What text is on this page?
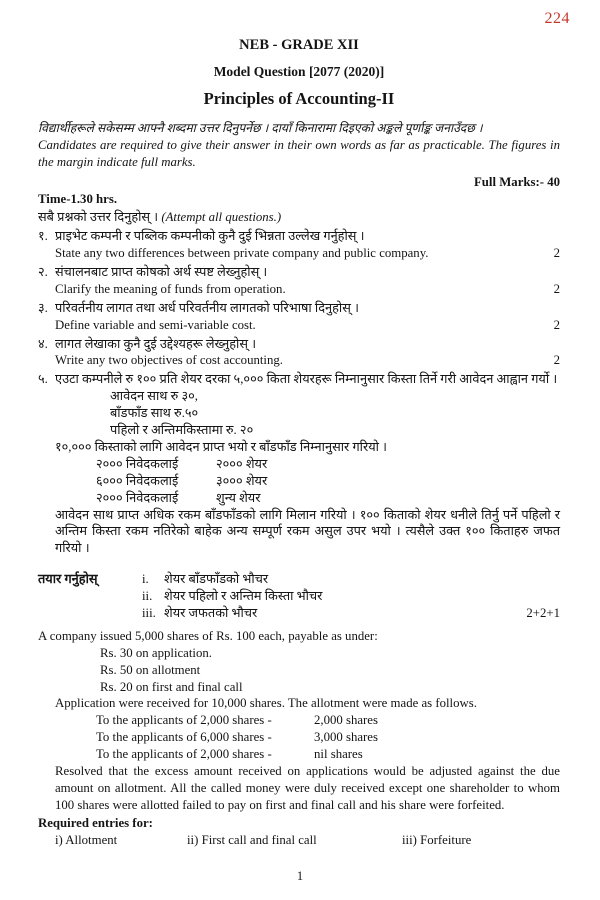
224
NEB - GRADE XII
Model Question [2077 (2020)]
Principles of Accounting-II
विद्यार्थीहरूले सकेसम्म आफ्नै शब्दमा उत्तर दिनुपर्नेछ । दायाँ किनारामा दिइएको अङ्कले पूर्णाङ्क जनाउँदछ ।
Candidates are required to give their answer in their own words as far as practicable. The figures in the margin indicate full marks.
Full Marks:- 40
Time-1.30 hrs.
सबै प्रश्नको उत्तर दिनुहोस् । (Attempt all questions.)
१. प्राइभेट कम्पनी र पब्लिक कम्पनीको कुनै दुई भिन्नता उल्लेख गर्नुहोस् ।
State any two differences between private company and public company.	2
२. संचालनबाट प्राप्त कोषको अर्थ स्पष्ट लेख्नुहोस् ।
Clarify the meaning of funds from operation.	2
३. परिवर्तनीय लागत तथा अर्ध परिवर्तनीय लागतको परिभाषा दिनुहोस् ।
Define variable and semi-variable cost.	2
४. लागत लेखाका कुनै दुई उद्देश्यहरू लेख्नुहोस् ।
Write any two objectives of cost accounting.	2
५. एउटा कम्पनीले रु १०० प्रति शेयर दरका ५,००० किता शेयरहरू निम्नानुसार किस्ता तिर्ने गरी आवेदन आह्वान गर्यो ।
आवेदन साथ रु ३०,
बाँडफाँड साथ रु.५०
पहिलो र अन्तिमकिस्तामा रु. २०
१०,००० किस्ताको लागि आवेदन प्राप्त भयो र बाँडफाँड निम्नानुसार गरियो ।
२००० निवेदकलाई	२००० शेयर
६००० निवेदकलाई	३००० शेयर
२००० निवेदकलाई	शुन्य शेयर
आवेदन साथ प्राप्त अधिक रकम बाँडफाँडको लागि मिलान गरियो । १०० किताको शेयर धनीले तिर्नु पर्ने पहिलो र अन्तिम किस्ता रकम नतिरेको बाहेक अन्य सम्पूर्ण रकम असुल उपर भयो । त्यसैले उक्त १०० किताहरु जफत गरियो ।
तयार गर्नुहोस्	i. शेयर बाँडफाँडको भौचर
ii. शेयर पहिलो र अन्तिम किस्ता भौचर
iii. शेयर जफतको भौचर	2+2+1
A company issued 5,000 shares of Rs. 100 each, payable as under:
Rs. 30 on application.
Rs. 50 on allotment
Rs. 20 on first and final call
Application were received for 10,000 shares. The allotment were made as follows.
To the applicants of 2,000 shares -	2,000 shares
To the applicants of 6,000 shares -	3,000 shares
To the applicants of 2,000 shares -	nil shares
Resolved that the excess amount received on applications would be adjusted against the due amount on allotment. All the called money were duly received except one shareholder to whom 100 shares were allotted failed to pay on first and final call and his share were forfeited.
Required entries for:
i) Allotment	ii) First call and final call	iii) Forfeiture
1
